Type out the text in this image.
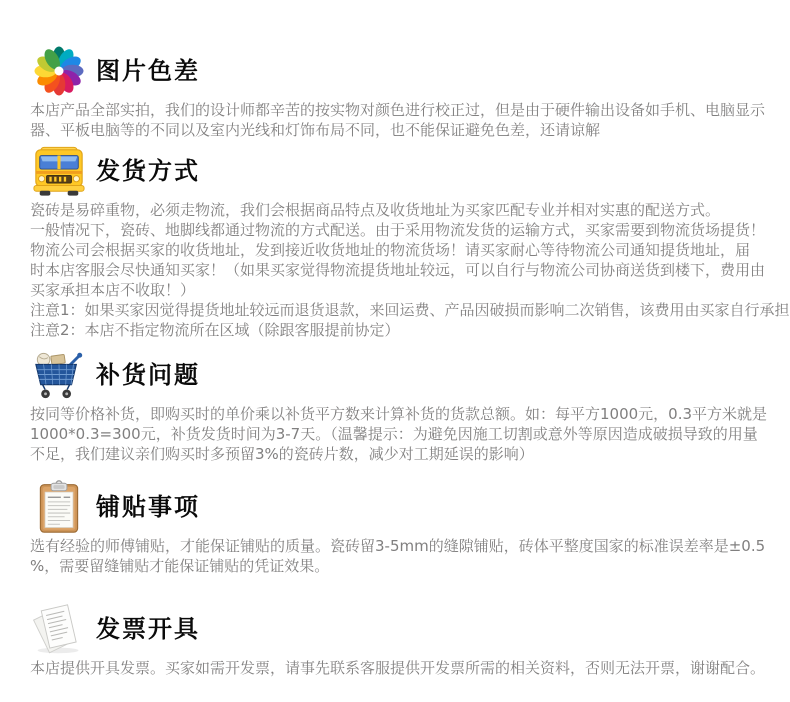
图片色差
本店产品全部实拍，我们的设计师都辛苦的按实物对颜色进行校正过，但是由于硬件输出设备如手机、电脑显示
器、平板电脑等的不同以及室内光线和灯饰布局不同，也不能保证避免色差，还请谅解
发货方式
瓷砖是易碎重物，必须走物流，我们会根据商品特点及收货地址为买家匹配专业并相对实惠的配送方式。
一般情况下，瓷砖、地脚线都通过物流的方式配送。由于采用物流发货的运输方式，买家需要到物流货场提货！
物流公司会根据买家的收货地址，发到接近收货地址的物流货场！请买家耐心等待物流公司通知提货地址，届
时本店客服会尽快通知买家！（如果买家觉得物流提货地址较远，可以自行与物流公司协商送货到楼下，费用由
买家承担本店不收取！）
注意1：如果买家因觉得提货地址较远而退货退款，来回运费、产品因破损而影响二次销售，该费用由买家自行承担
注意2：本店不指定物流所在区域（除跟客服提前协定）
补货问题
按同等价格补货，即购买时的单价乘以补货平方数来计算补货的货款总额。如：每平方1000元，0.3平方米就是
1000*0.3=300元，补货发货时间为3-7天。（温馨提示：为避免因施工切割或意外等原因造成破损导致的用量
不足，我们建议亲们购买时多预留3%的瓷砖片数，减少对工期延误的影响）
铺贴事项
选有经验的师傅铺贴，才能保证铺贴的质量。瓷砖留3-5mm的缝隙铺贴，砖体平整度国家的标准误差率是±0.5
%，需要留缝铺贴才能保证铺贴的凭证效果。
发票开具
本店提供开具发票。买家如需开发票，请事先联系客服提供开发票所需的相关资料，否则无法开票，谢谢配合。
